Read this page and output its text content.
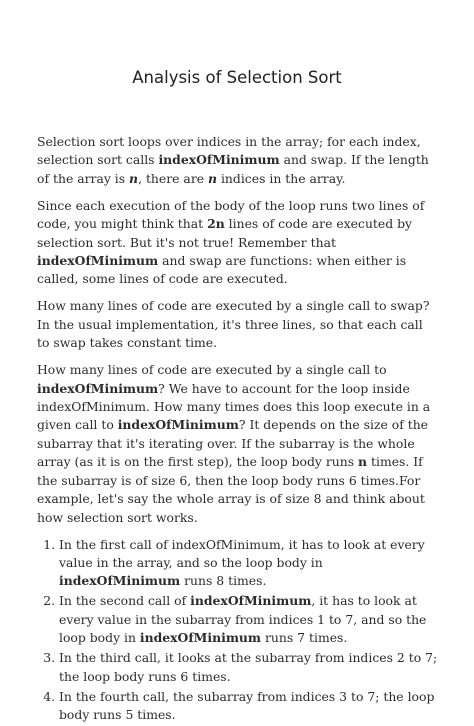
Analysis of Selection Sort

Selection sort loops over indices in the array; for each index, selection sort calls indexOfMinimum and swap. If the length of the array is n, there are n indices in the array.

Since each execution of the body of the loop runs two lines of code, you might think that 2n lines of code are executed by selection sort. But it's not true! Remember that indexOfMinimum and swap are functions: when either is called, some lines of code are executed.

How many lines of code are executed by a single call to swap? In the usual implementation, it's three lines, so that each call to swap takes constant time.

How many lines of code are executed by a single call to indexOfMinimum? We have to account for the loop inside indexOfMinimum. How many times does this loop execute in a given call to indexOfMinimum? It depends on the size of the subarray that it's iterating over. If the subarray is the whole array (as it is on the first step), the loop body runs n times. If the subarray is of size 6, then the loop body runs 6 times.For example, let's say the whole array is of size 8 and think about how selection sort works.

1. In the first call of indexOfMinimum, it has to look at every value in the array, and so the loop body in indexOfMinimum runs 8 times.
2. In the second call of indexOfMinimum, it has to look at every value in the subarray from indices 1 to 7, and so the loop body in indexOfMinimum runs 7 times.
3. In the third call, it looks at the subarray from indices 2 to 7; the loop body runs 6 times.
4. In the fourth call, the subarray from indices 3 to 7; the loop body runs 5 times.
